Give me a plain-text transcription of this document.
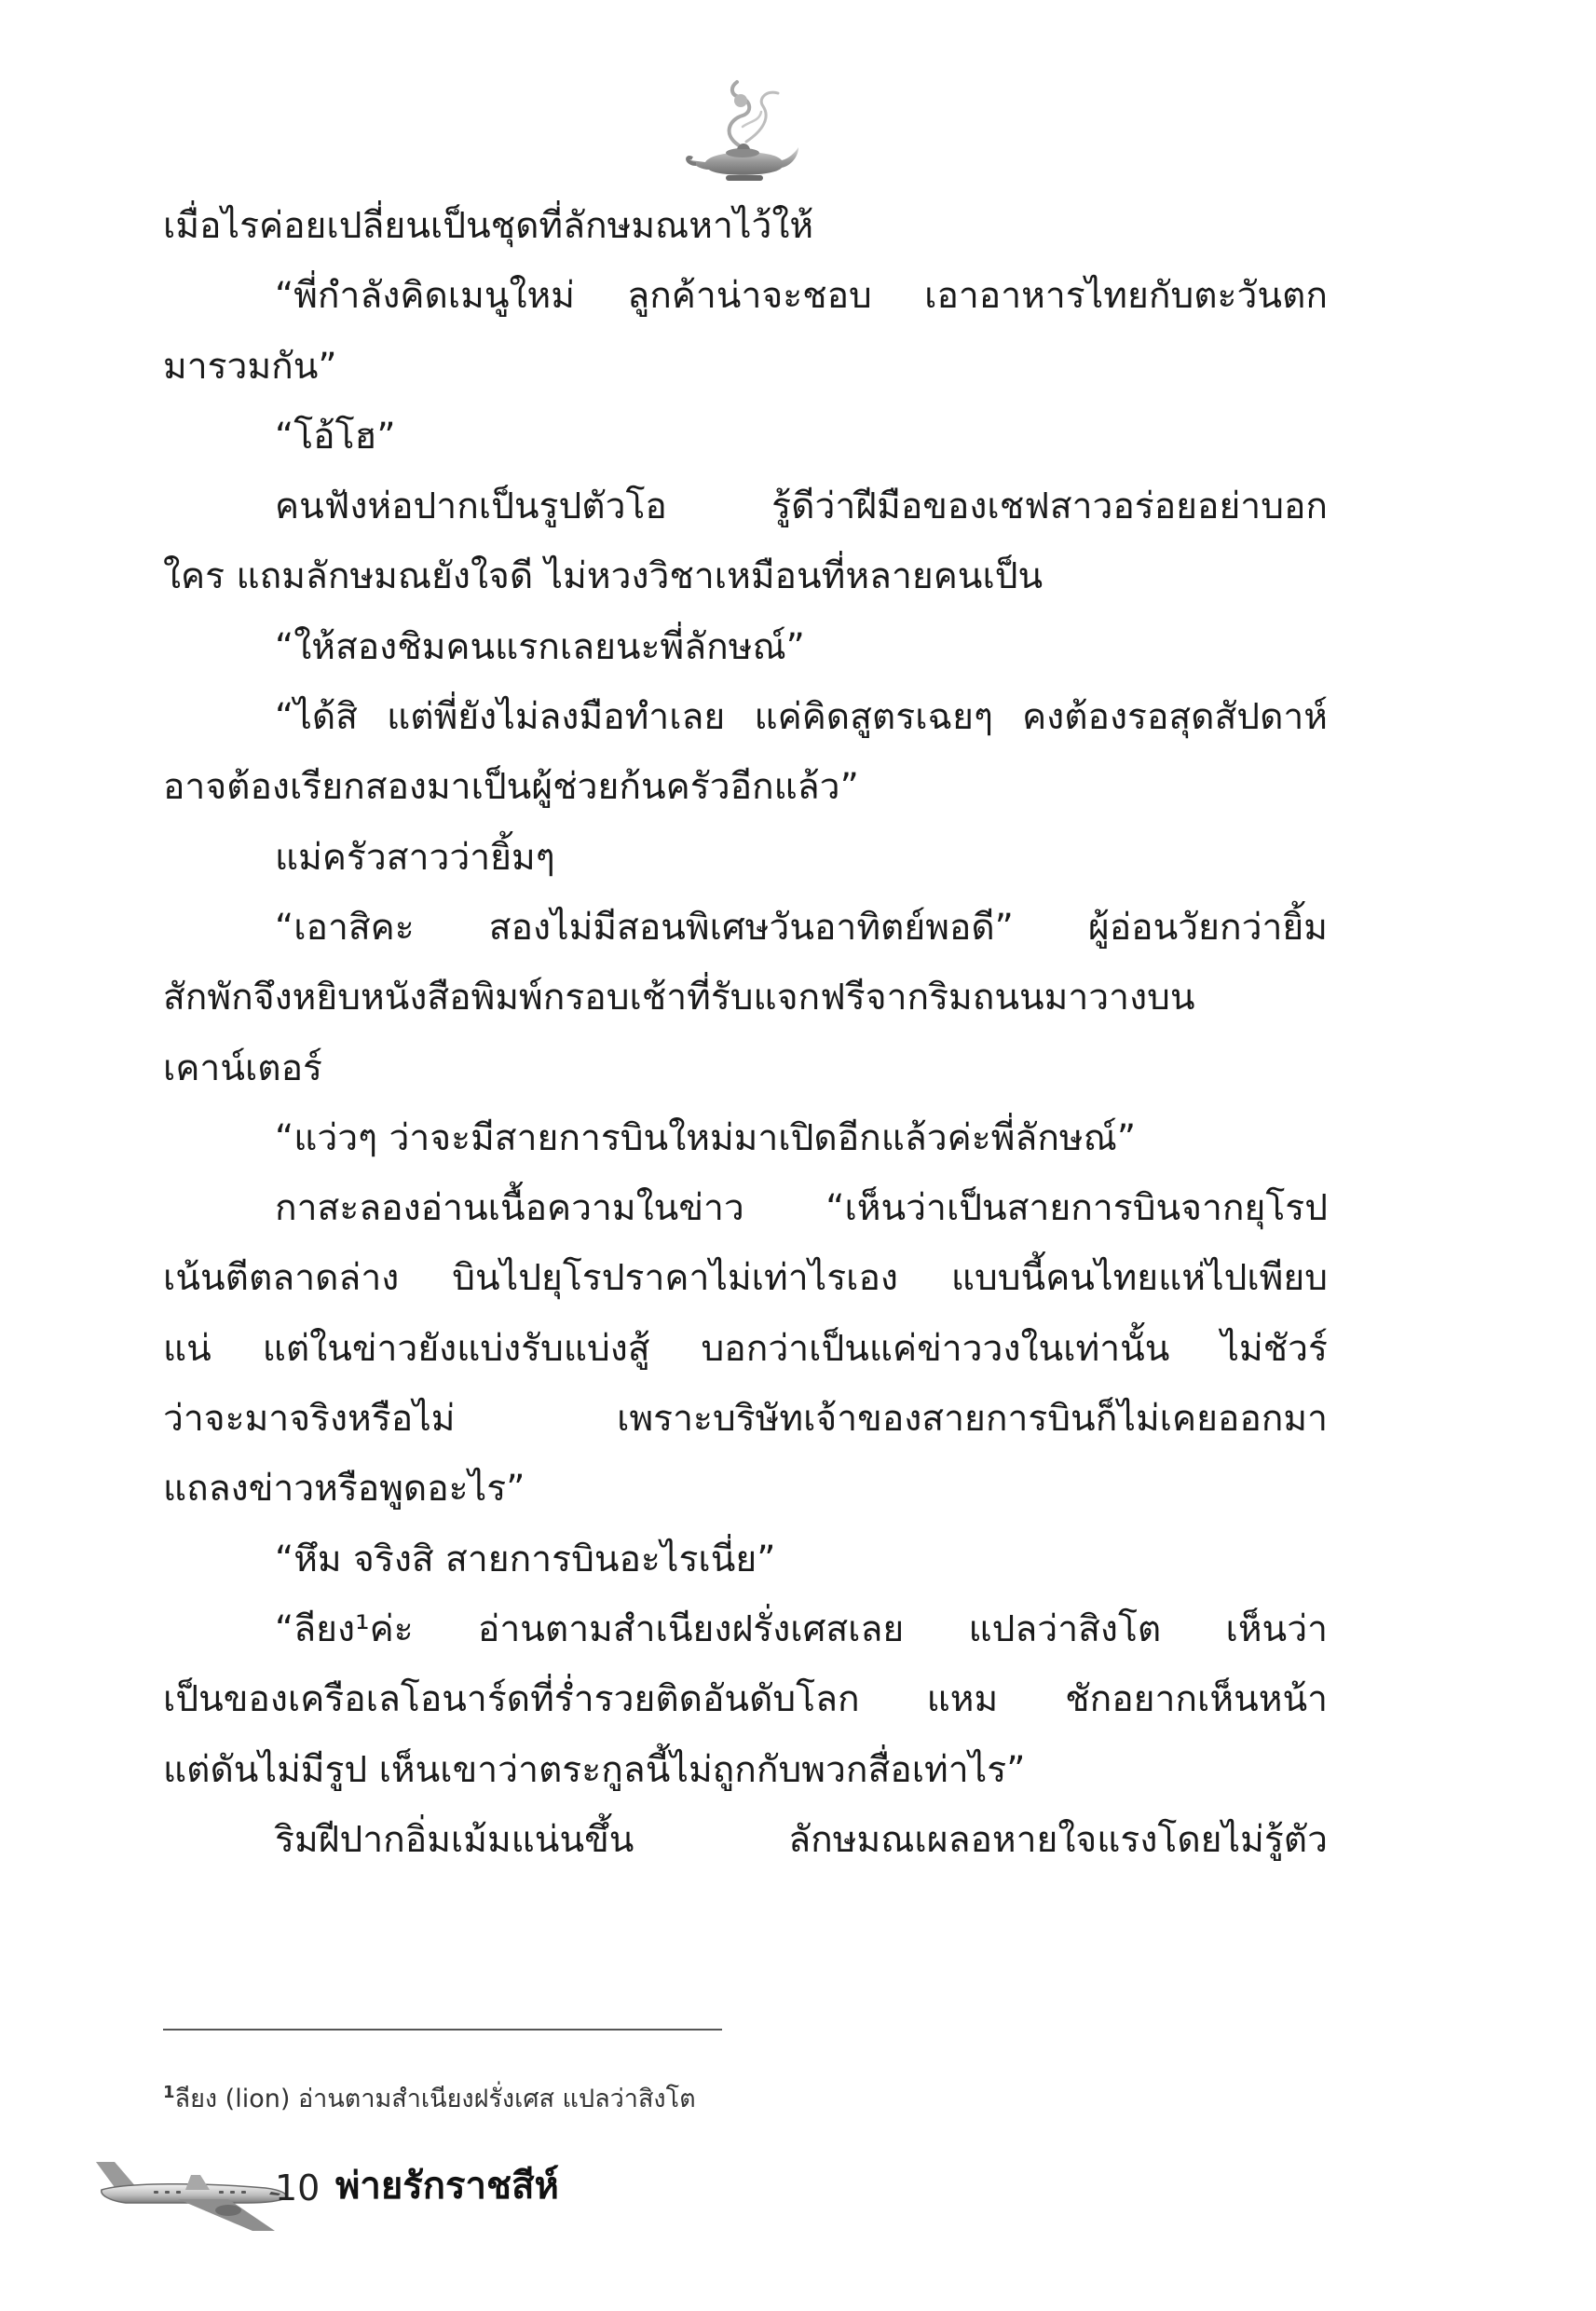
เมื่อไรค่อยเปลี่ยนเป็นชุดที่ลักษมณหาไว้ให้
“พี่กำลังคิดเมนูใหม่ ลูกค้าน่าจะชอบ เอาอาหารไทยกับตะวันตก
มารวมกัน”
“โอ้โฮ”
คนฟังห่อปากเป็นรูปตัวโอ รู้ดีว่าฝีมือของเชฟสาวอร่อยอย่าบอก
ใคร แถมลักษมณยังใจดี ไม่หวงวิชาเหมือนที่หลายคนเป็น
“ให้สองชิมคนแรกเลยนะพี่ลักษณ์”
“ได้สิ แต่พี่ยังไม่ลงมือทำเลย แค่คิดสูตรเฉยๆ คงต้องรอสุดสัปดาห์
อาจต้องเรียกสองมาเป็นผู้ช่วยก้นครัวอีกแล้ว”
แม่ครัวสาวว่ายิ้มๆ
“เอาสิคะ สองไม่มีสอนพิเศษวันอาทิตย์พอดี” ผู้อ่อนวัยกว่ายิ้ม
สักพักจึงหยิบหนังสือพิมพ์กรอบเช้าที่รับแจกฟรีจากริมถนนมาวางบน
เคาน์เตอร์
“แว่วๆ ว่าจะมีสายการบินใหม่มาเปิดอีกแล้วค่ะพี่ลักษณ์”
กาสะลองอ่านเนื้อความในข่าว “เห็นว่าเป็นสายการบินจากยุโรป
เน้นตีตลาดล่าง บินไปยุโรปราคาไม่เท่าไรเอง แบบนี้คนไทยแห่ไปเพียบ
แน่ แต่ในข่าวยังแบ่งรับแบ่งสู้ บอกว่าเป็นแค่ข่าววงในเท่านั้น ไม่ชัวร์
ว่าจะมาจริงหรือไม่ เพราะบริษัทเจ้าของสายการบินก็ไม่เคยออกมา
แถลงข่าวหรือพูดอะไร”
“หึม จริงสิ สายการบินอะไรเนี่ย”
“ลียง¹ค่ะ อ่านตามสำเนียงฝรั่งเศสเลย แปลว่าสิงโต เห็นว่า
เป็นของเครือเลโอนาร์ดที่ร่ำรวยติดอันดับโลก แหม ชักอยากเห็นหน้า
แต่ดันไม่มีรูป เห็นเขาว่าตระกูลนี้ไม่ถูกกับพวกสื่อเท่าไร”
ริมฝีปากอิ่มเม้มแน่นขึ้น ลักษมณเผลอหายใจแรงโดยไม่รู้ตัว
$^1$ลียง (lion) อ่านตามสำเนียงฝรั่งเศส แปลว่าสิงโต
10 พ่ายรักราชสีห์
